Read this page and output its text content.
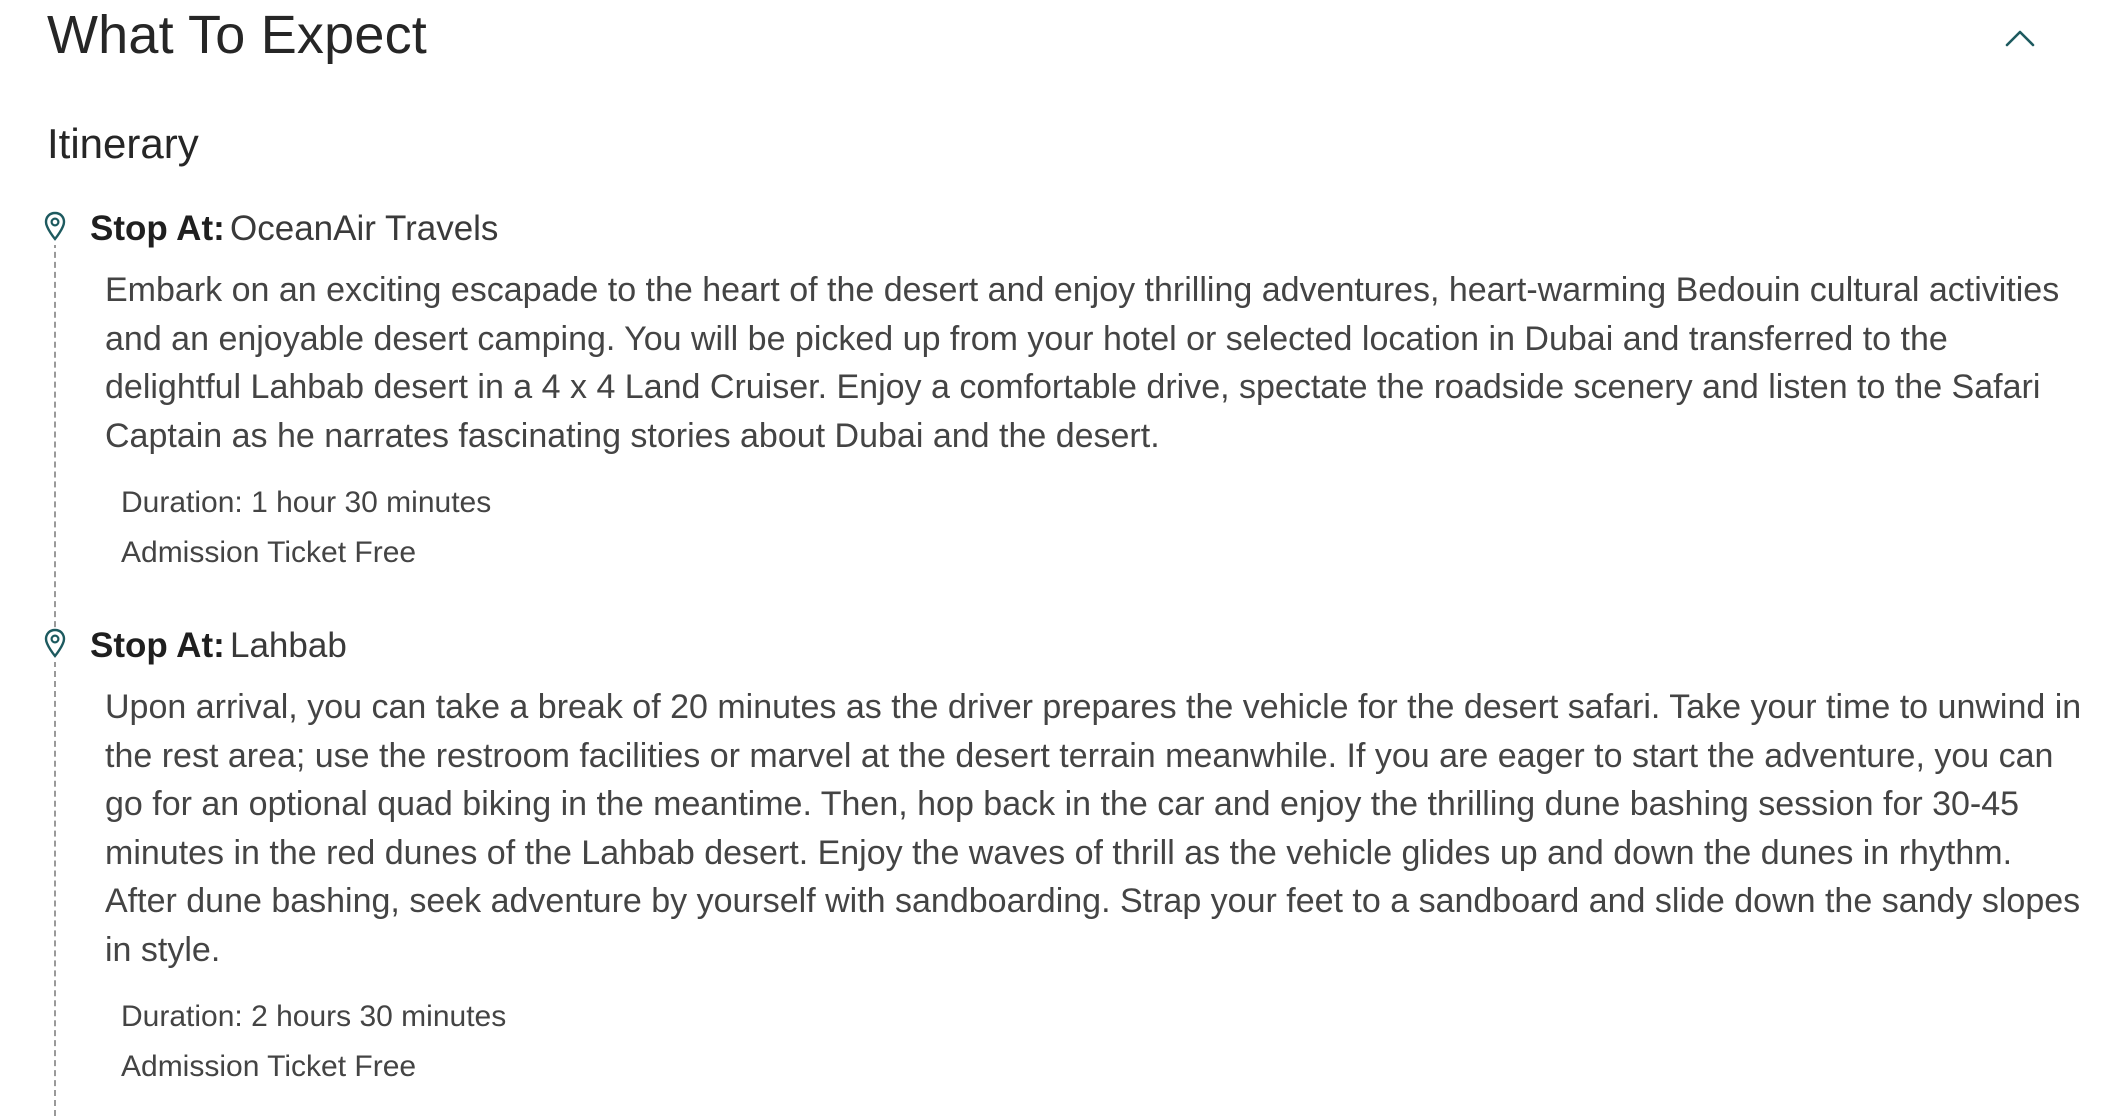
What To Expect
Itinerary
Stop At: OceanAir Travels
Embark on an exciting escapade to the heart of the desert and enjoy thrilling adventures, heart-warming Bedouin cultural activities and an enjoyable desert camping. You will be picked up from your hotel or selected location in Dubai and transferred to the delightful Lahbab desert in a 4 x 4 Land Cruiser. Enjoy a comfortable drive, spectate the roadside scenery and listen to the Safari Captain as he narrates fascinating stories about Dubai and the desert.
Duration: 1 hour 30 minutes
Admission Ticket Free
Stop At: Lahbab
Upon arrival, you can take a break of 20 minutes as the driver prepares the vehicle for the desert safari. Take your time to unwind in the rest area; use the restroom facilities or marvel at the desert terrain meanwhile. If you are eager to start the adventure, you can go for an optional quad biking in the meantime. Then, hop back in the car and enjoy the thrilling dune bashing session for 30-45 minutes in the red dunes of the Lahbab desert. Enjoy the waves of thrill as the vehicle glides up and down the dunes in rhythm. After dune bashing, seek adventure by yourself with sandboarding. Strap your feet to a sandboard and slide down the sandy slopes in style.
Duration: 2 hours 30 minutes
Admission Ticket Free
